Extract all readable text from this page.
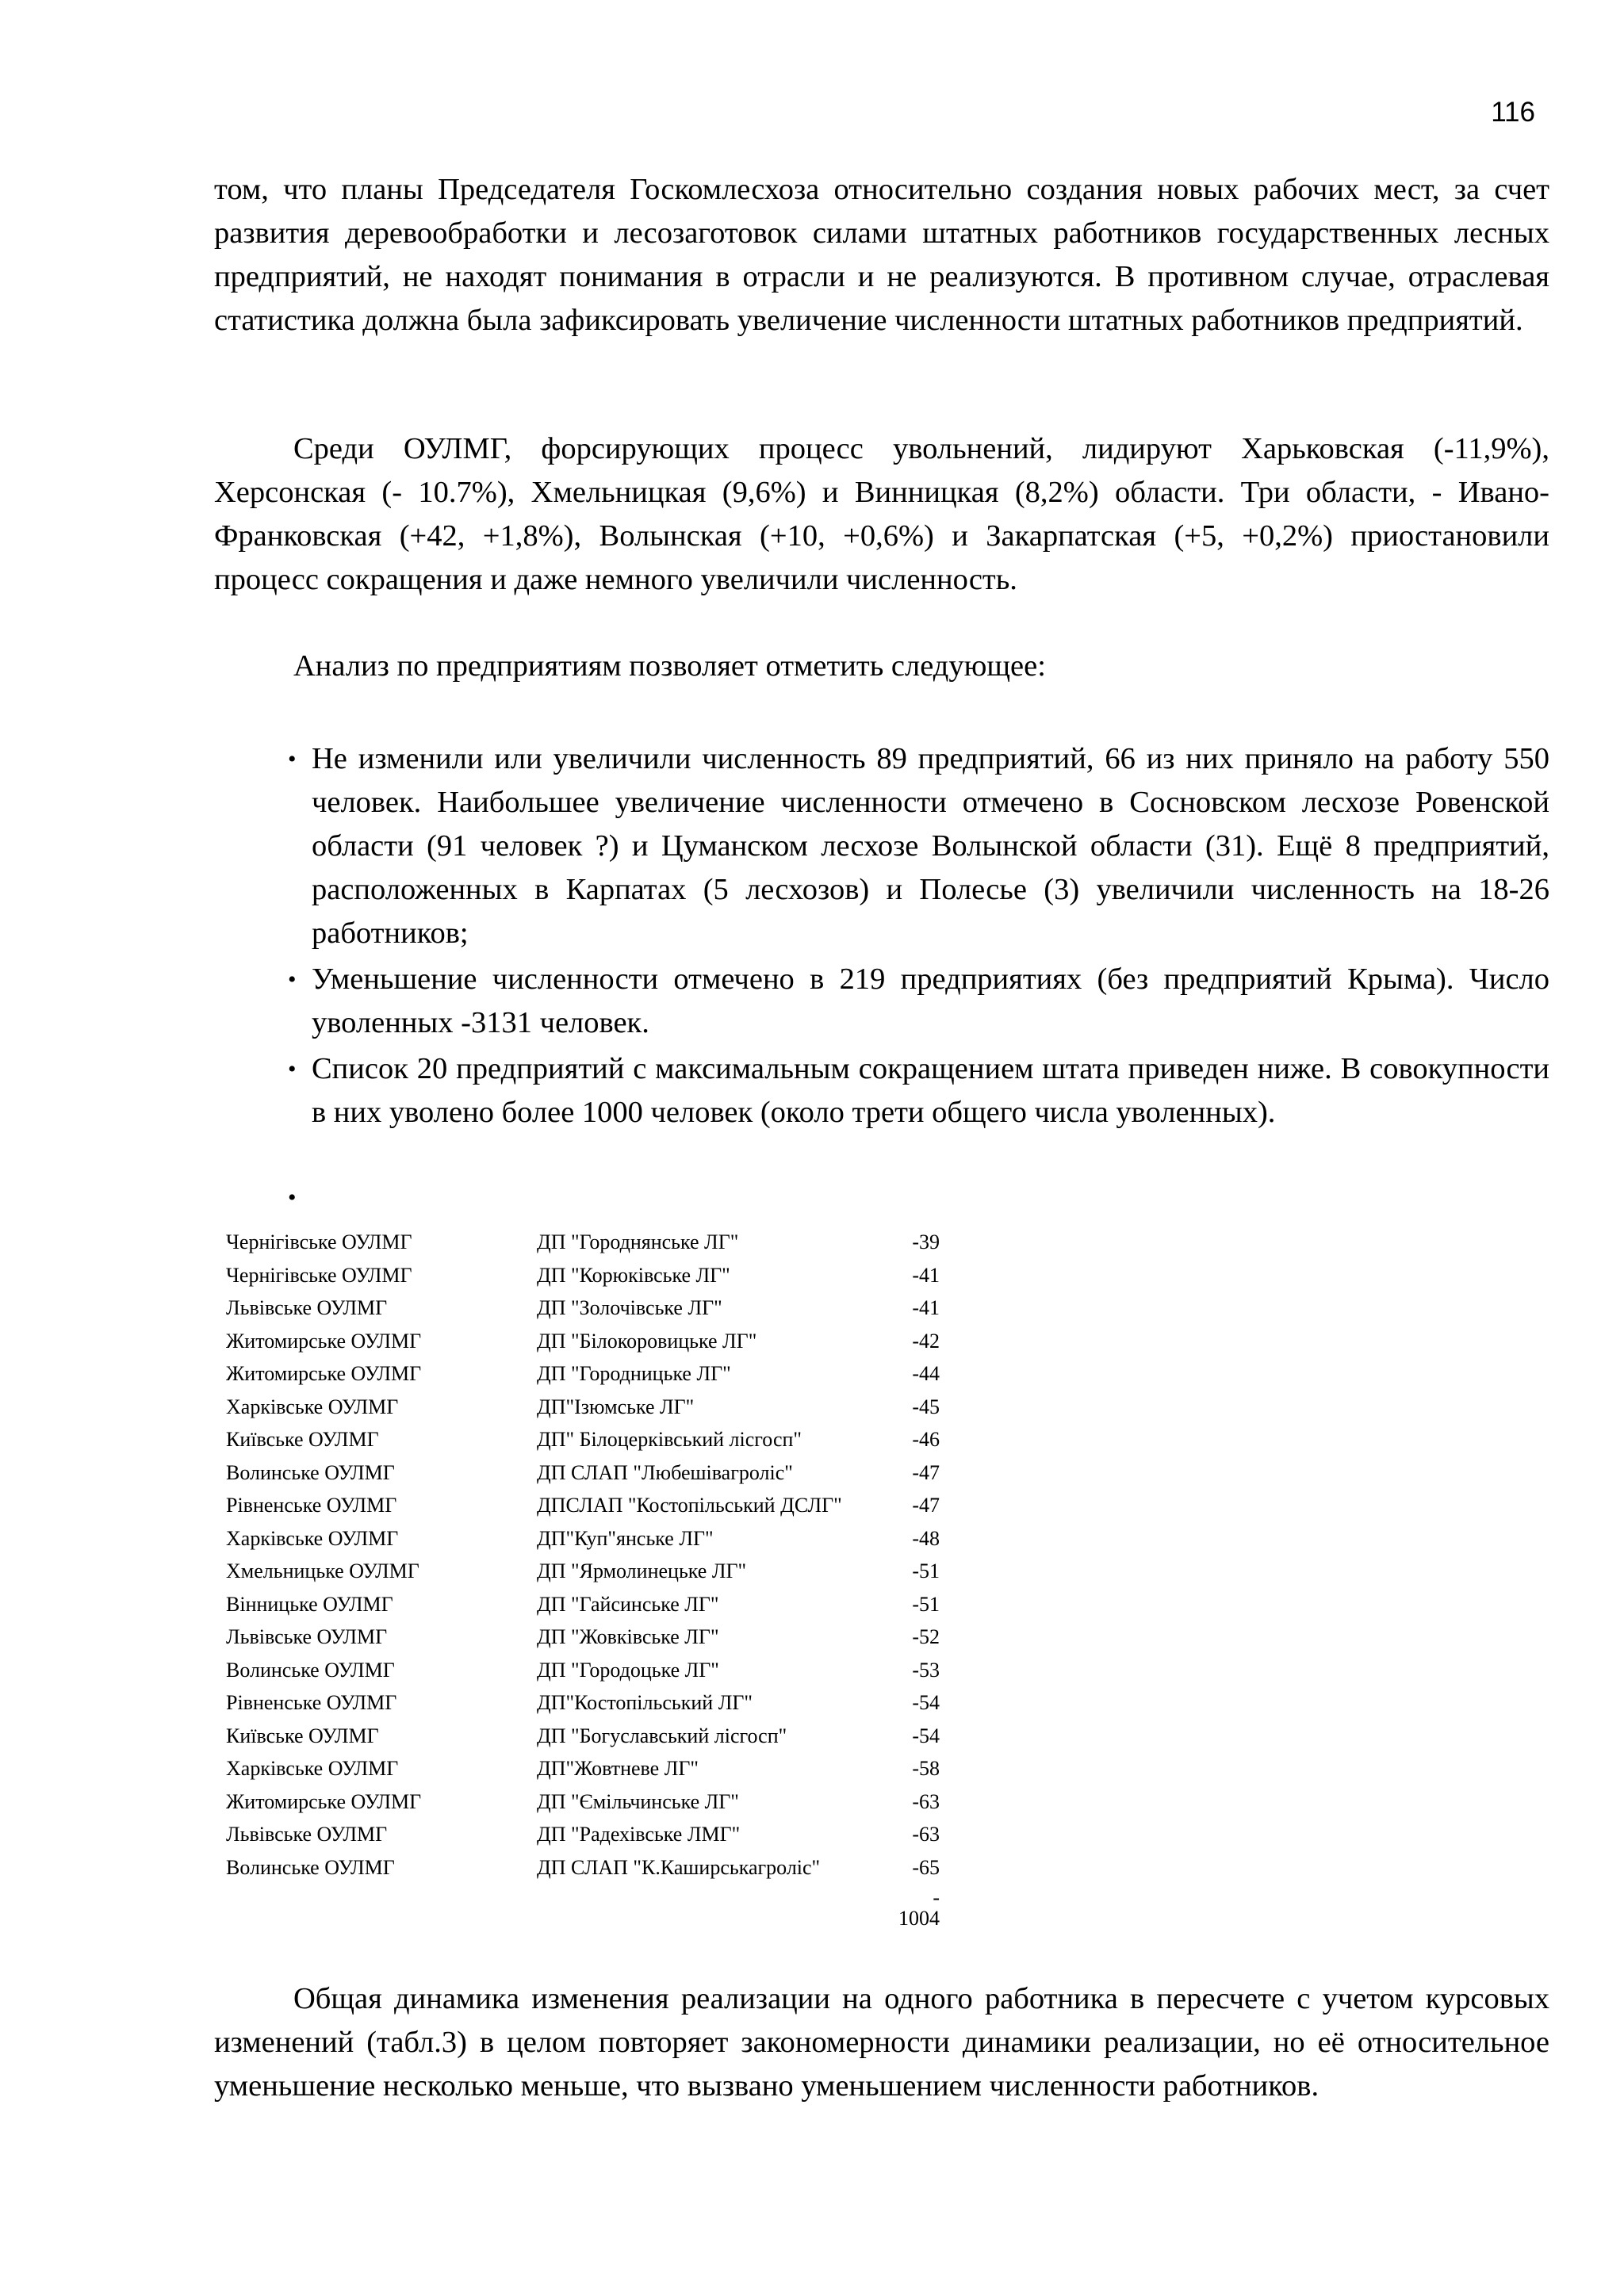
116
том, что планы Председателя Госкомлесхоза относительно создания новых рабочих мест, за счет развития деревообработки и лесозаготовок силами штатных работников государственных лесных предприятий, не находят понимания в отрасли и не реализуются. В противном случае, отраслевая статистика должна была зафиксировать увеличение численности штатных работников предприятий.
Среди ОУЛМГ, форсирующих процесс увольнений, лидируют Харьковская (-11,9%), Херсонская (- 10.7%), Хмельницкая (9,6%) и Винницкая (8,2%) области. Три области, - Ивано-Франковская (+42, +1,8%), Волынская (+10, +0,6%) и Закарпатская (+5, +0,2%) приостановили процесс сокращения и даже немного увеличили численность.
Анализ по предприятиям позволяет отметить следующее:
• Не изменили или увеличили численность 89 предприятий, 66 из них приняло на работу 550 человек. Наибольшее увеличение численности отмечено в Сосновском лесхозе Ровенской области (91 человек ?) и Цуманском лесхозе Волынской области (31). Ещё 8 предприятий, расположенных в Карпатах (5 лесхозов) и Полесье (3) увеличили численность на 18-26 работников;
• Уменьшение численности отмечено в 219 предприятиях (без предприятий Крыма). Число уволенных -3131 человек.
• Список 20 предприятий с максимальным сокращением штата приведен ниже. В совокупности в них уволено более 1000 человек (около трети общего числа уволенных).
•
Чернігівське ОУЛМГ	ДП "Городнянське ЛГ"	-39
Чернігівське ОУЛМГ	ДП "Корюківське ЛГ"	-41
Львівське ОУЛМГ	ДП "Золочівське ЛГ"	-41
Житомирське ОУЛМГ	ДП "Білокоровицьке ЛГ"	-42
Житомирське ОУЛМГ	ДП "Городницьке ЛГ"	-44
Харківське ОУЛМГ	ДП"Ізюмське ЛГ"	-45
Київське ОУЛМГ	ДП" Білоцерківський лісгосп"	-46
Волинське ОУЛМГ	ДП СЛАП "Любешівагроліс"	-47
Рівненське ОУЛМГ	ДПСЛАП "Костопільський ДСЛГ"	-47
Харківське ОУЛМГ	ДП"Куп"янське ЛГ"	-48
Хмельницьке ОУЛМГ	ДП "Ярмолинецьке ЛГ"	-51
Вінницьке ОУЛМГ	ДП "Гайсинське ЛГ"	-51
Львівське ОУЛМГ	ДП "Жовківське ЛГ"	-52
Волинське ОУЛМГ	ДП "Городоцьке ЛГ"	-53
Рівненське ОУЛМГ	ДП"Костопільський ЛГ"	-54
Київське ОУЛМГ	ДП "Богуславський лісгосп"	-54
Харківське ОУЛМГ	ДП"Жовтневе ЛГ"	-58
Житомирське ОУЛМГ	ДП "Ємільчинське ЛГ"	-63
Львівське ОУЛМГ	ДП "Радехівське ЛМГ"	-63
Волинське ОУЛМГ	ДП СЛАП "К.Каширськагроліс"	-65
-
1004
Общая динамика изменения реализации на одного работника в пересчете с учетом курсовых изменений (табл.3) в целом повторяет закономерности динамики реализации, но её относительное уменьшение несколько меньше, что вызвано уменьшением численности работников.
